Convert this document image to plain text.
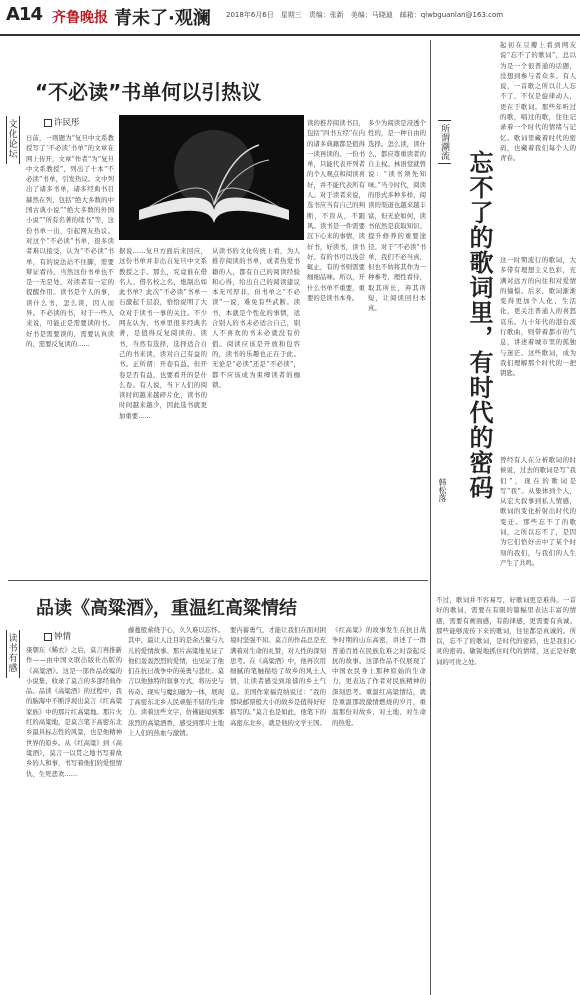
A14 齐鲁晚报 青未了·观澜 2018年6月6日　星期三　责编：张新　美编：马晓迪　邮箱：qlwbguanlan@163.com
“不必读”书单何以引热议
许民彤
文化论坛
日前，一则题为“复旦中文系教授写了‘不必读’书单”的文章在网上传开，文章“作者”为“复旦中文系教授”，列出了十本“不必读”书单，引发热议。文中列出了诸多书单，诸多经典书目赫然在列，包括“绝大多数的中国古典小说”“绝大多数的外国小说”“所有名著的续书”等，这份书单一出，引起网友热议。对这个“不必读”书单，很多读者难以接受，认为“不必读”书单，有的说法站不住脚，需要辩证看待。当然这份书单也不是一无是处，对读者有一定的提醒作用。读书是个人的事，读什么书，怎么读，因人而异。不必读的书，对于一些人来说，可能正是需要读的书。好书是需要读的，需要认真读的，需要反复读的……
据说……复旦方面后来回应，这份书单并非出自复旦中文系教授之手。那么，究竟谁在借名人、借名校之名，炮制出如此书单？此次“不必读”书单一石激起千层浪，恰恰说明了大众对于读书一事的关注。不少网友认为，书单里很多经典名著，是值得反复阅读的。读书，当然有选择，选择适合自己的书来读，读对自己有益的书。正所谓：开卷有益。但开卷是否有益，也要看开的是什么卷。有人说，当下人们的阅读时间越来越碎片化，读书的时间越来越少，因此选书就更加重要……
从读书的文化传统上看，为人推荐阅读的书单，或者热爱书籍的人，都有自己的阅读经验和心得，给出自己的阅读建议本无可厚非。但书单之“不必读”一说，难免有些武断。读书，本就是个性化的事情，适合别人的书未必适合自己，别人不喜欢的书未必就没有价值。阅读应该是开放和包容的，读书的乐趣也正在于此。无论是“必读”还是“不必读”，都不应该成为束缚读者的枷锁。
读的推荐阅读书目，包括“四书五经”在内的诸多典籍都是值得一读再读的。一份书单，只能代表开列者的个人观点和阅读喜好，并不能代表所有人。对于读者来说，选书应当有自己的判断，不盲从，不跟风。读书是一件需要沉下心来的事情，读好书，好读书，读书好。有的书可以浅尝辄止，有的书则需要细细品味。所以，开什么书单不重要，重要的是读书本身。
多少为阅读是浸透个性的，是一种自由的选择。怎么读，读什么，都应尊重读者的自主权。林语堂就曾说：“读书须先知味。”当今时代，阅读的形式多种多样，阅读的渠道也越来越丰富，但无论如何，读书依然是获取知识、提升修养的重要途径。对于“不必读”书单，我们不必当真，但也不妨将其作为一种参考，理性看待，取其所长，弃其所短，让阅读回归本真。
品读《高粱酒》，重温红高粱情结
钟情
读书有感
康朝东《稀衣》之后，莫言再推新作——由中国文联出版社出版的《高粱酒》。这是一部作品改编的小说集，收录了莫言的多部经典作品。品读《高粱酒》的过程中，我的脑海中不断浮现出莫言《红高粱家族》中的那片红高粱地。那片火红的高粱地，是莫言笔下高密东北乡最具标志性的风景，也是他精神世界的原乡。从《红高粱》到《高粱酒》，莫言一以贯之地书写着故乡的人和事，书写着他们的爱恨情仇、生死悲欢……
藤蔓般萦绕于心，久久难以忘怀。其中，最让人注目的是余占鳌与九儿的爱情故事。那片高粱地见证了他们轰轰烈烈的爱情，也见证了他们在抗日战争中的英勇与悲壮。莫言以他独特的叙事方式，将历史与传奇、现实与魔幻融为一体，展现了高密东北乡人民顽强不屈的生命力。读着这些文字，仿佛能闻到那浓烈的高粱酒香，感受到那片土地上人们的热血与激情。
要内蓄勇气，才能让我们在面对困境时坚强不屈。莫言的作品总是充满着对生命的礼赞，对人性的深刻思考。在《高粱酒》中，他再次用细腻的笔触描绘了故乡的风土人情，让读者感受到浓郁的乡土气息。美国作家福克纳说过：“我的那块邮票般大小的故乡是值得好好描写的。”莫言也是如此，他笔下的高密东北乡，就是他的文学王国。
《红高粱》的故事发生在抗日战争时期的山东高密，讲述了一群普通百姓在民族危难之时奋起反抗的故事。这部作品不仅展现了中国农民身上那种原始的生命力，更表达了作者对民族精神的深刻思考。重温红高粱情结，就是重温那段激情燃烧的岁月，重温那份对故乡、对土地、对生命的热爱。
所谓潮流
忘不了的歌词里，有时代的密码
韩松落
起初在豆瓣上看到网友说“忘不了的歌词”，总以为是一个很普通的话题，没想到参与者众多。有人说，一首歌之所以让人忘不了，不仅是旋律动人，更在于歌词。那些年听过的歌，唱过的歌，往往记录着一个时代的情绪与记忆。歌词里藏着时代的密码，也藏着我们每个人的青春。
这一时期流行的歌词，大多带有理想主义色彩，充满对远方的向往和对爱情的憧憬。后来，歌词渐渐变得更加个人化、生活化，更关注普通人的喜怒哀乐。九十年代的港台流行歌曲，则带着都市的气息，讲述着城市里的孤独与迷茫。这些歌词，成为我们理解那个时代的一把钥匙。
曾经有人在分析歌词的时候说，过去的歌词是写“我们”，现在的歌词是写“我”。从集体到个人，从宏大叙事到私人情感，歌词的变化折射出时代的变迁。那些忘不了的歌词，之所以忘不了，是因为它们恰好击中了某个时刻的我们，与我们的人生产生了共鸣。
不过，歌词并不容易写，好歌词更是难得。一首好的歌词，需要在有限的篇幅里表达丰富的情感，需要有画面感，有韵律感，更需要有真诚。那些能够流传下来的歌词，往往都是真诚的。所以，忘不了的歌词，是时代的密码，也是我们心灵的密码。敏锐地抓住时代的情绪，这正是好歌词的可贵之处。
